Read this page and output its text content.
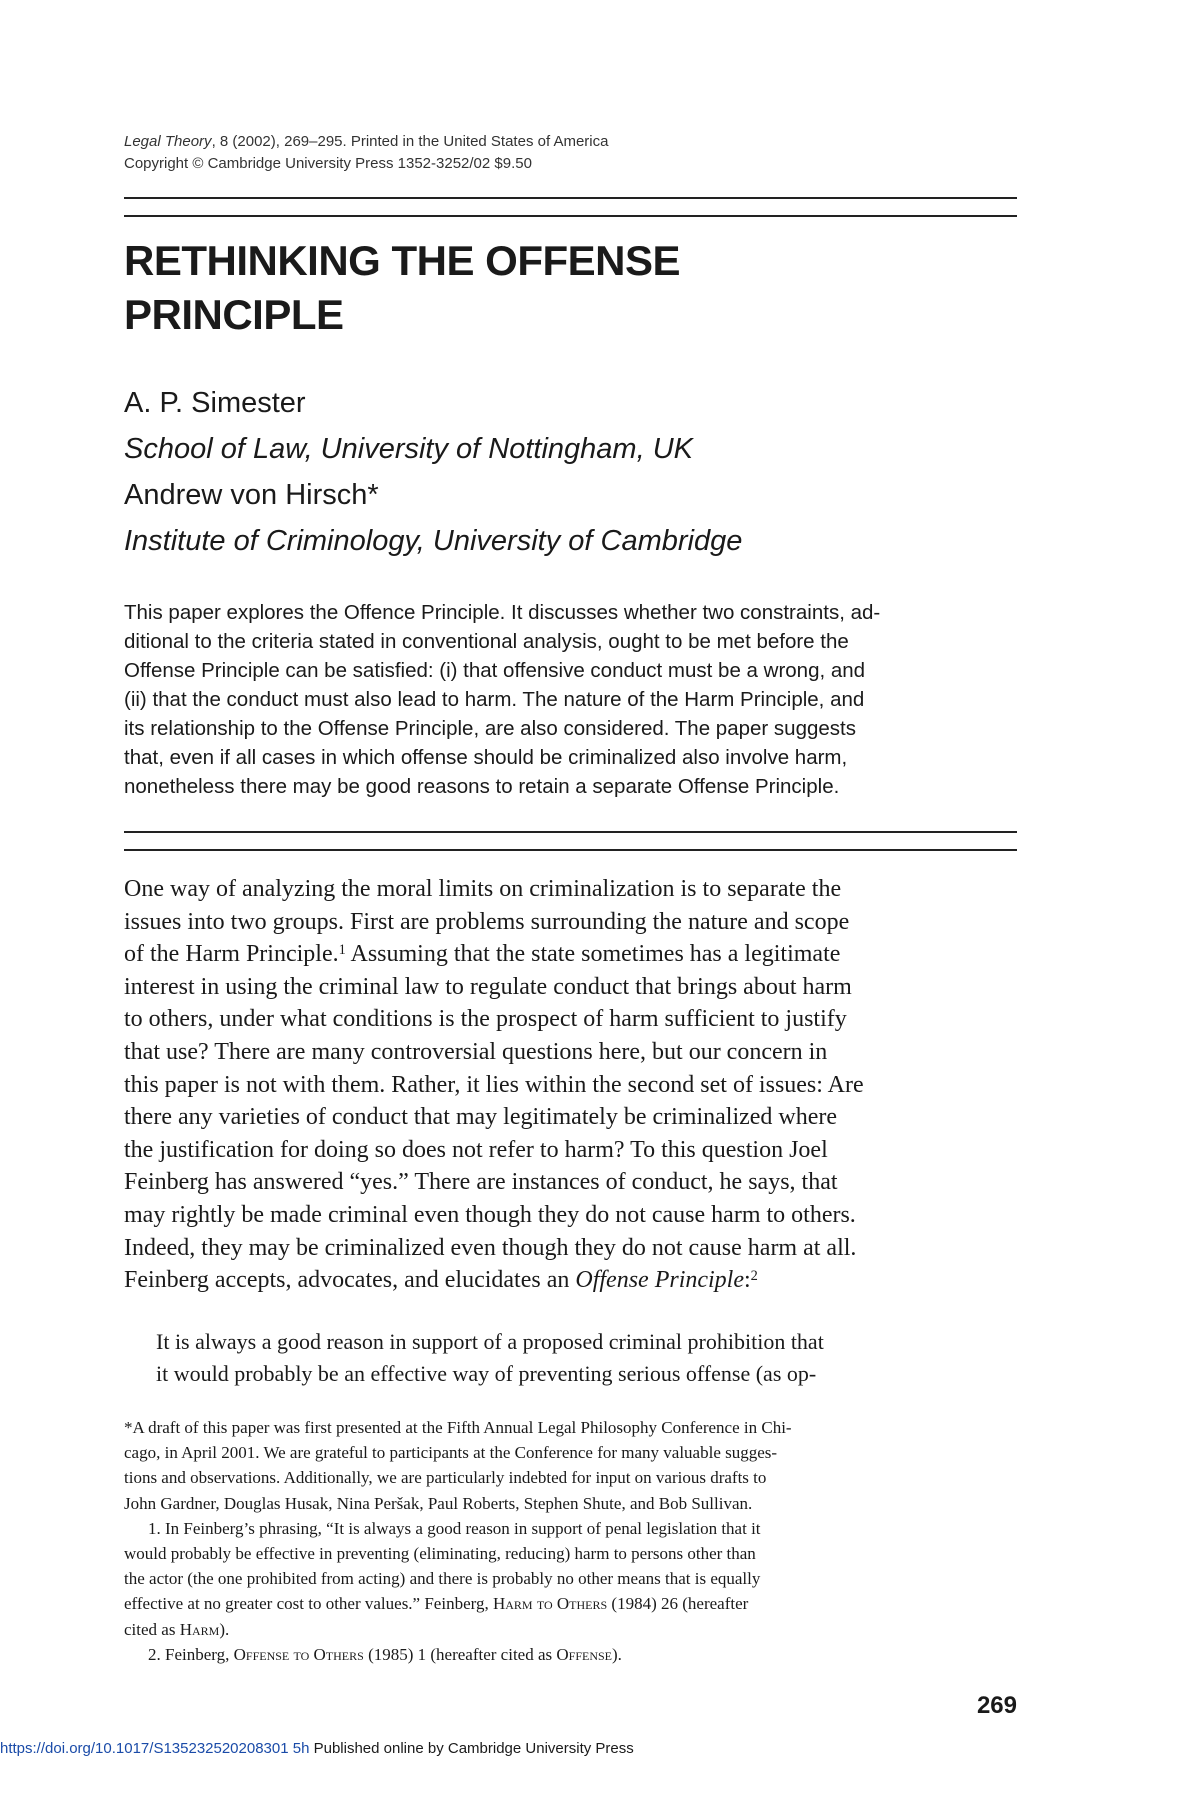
Legal Theory, 8 (2002), 269–295. Printed in the United States of America
Copyright © Cambridge University Press 1352-3252/02 $9.50
RETHINKING THE OFFENSE
PRINCIPLE
A. P. Simester
School of Law, University of Nottingham, UK
Andrew von Hirsch*
Institute of Criminology, University of Cambridge
This paper explores the Offence Principle. It discusses whether two constraints, ad-
ditional to the criteria stated in conventional analysis, ought to be met before the
Offense Principle can be satisfied: (i) that offensive conduct must be a wrong, and
(ii) that the conduct must also lead to harm. The nature of the Harm Principle, and
its relationship to the Offense Principle, are also considered. The paper suggests
that, even if all cases in which offense should be criminalized also involve harm,
nonetheless there may be good reasons to retain a separate Offense Principle.
One way of analyzing the moral limits on criminalization is to separate the
issues into two groups. First are problems surrounding the nature and scope
of the Harm Principle.$^1$ Assuming that the state sometimes has a legitimate
interest in using the criminal law to regulate conduct that brings about harm
to others, under what conditions is the prospect of harm sufficient to justify
that use? There are many controversial questions here, but our concern in
this paper is not with them. Rather, it lies within the second set of issues: Are
there any varieties of conduct that may legitimately be criminalized where
the justification for doing so does not refer to harm? To this question Joel
Feinberg has answered “yes.” There are instances of conduct, he says, that
may rightly be made criminal even though they do not cause harm to others.
Indeed, they may be criminalized even though they do not cause harm at all.
Feinberg accepts, advocates, and elucidates an Offense Principle:$^2$
It is always a good reason in support of a proposed criminal prohibition that
it would probably be an effective way of preventing serious offense (as op-
*A draft of this paper was first presented at the Fifth Annual Legal Philosophy Conference in Chi-
cago, in April 2001. We are grateful to participants at the Conference for many valuable sugges-
tions and observations. Additionally, we are particularly indebted for input on various drafts to
John Gardner, Douglas Husak, Nina Peršak, Paul Roberts, Stephen Shute, and Bob Sullivan.
1. In Feinberg’s phrasing, “It is always a good reason in support of penal legislation that it
would probably be effective in preventing (eliminating, reducing) harm to persons other than
the actor (the one prohibited from acting) and there is probably no other means that is equally
effective at no greater cost to other values.” Feinberg, Harm to Others (1984) 26 (hereafter
cited as Harm).
2. Feinberg, Offense to Others (1985) 1 (hereafter cited as Offense).
269
https://doi.org/10.1017/S135232520208301 5h Published online by Cambridge University Press
